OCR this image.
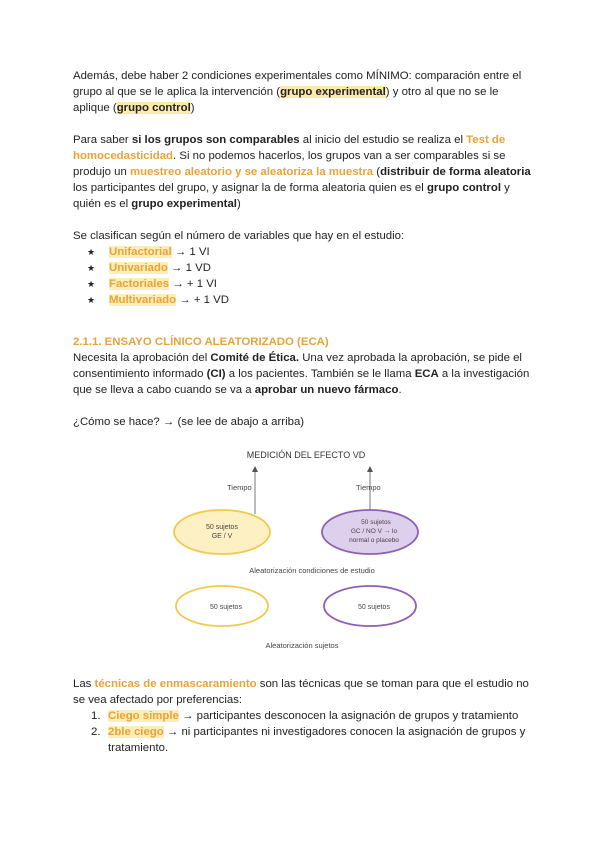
Además, debe haber 2 condiciones experimentales como MÍNIMO: comparación entre el grupo al que se le aplica la intervención (grupo experimental) y otro al que no se le aplique (grupo control)

Para saber si los grupos son comparables al inicio del estudio se realiza el Test de homocedasticidad. Si no podemos hacerlos, los grupos van a ser comparables si se produjo un muestreo aleatorio y se aleatoriza la muestra (distribuir de forma aleatoria los participantes del grupo, y asignar la de forma aleatoria quien es el grupo control y quién es el grupo experimental)

Se clasifican según el número de variables que hay en el estudio:

★ Unifactorial → 1 VI
★ Univariado → 1 VD
★ Factoriales → + 1 VI
★ Multivariado → + 1 VD

2.1.1. ENSAYO CLÍNICO ALEATORIZADO (ECA)

Necesita la aprobación del Comité de Ética. Una vez aprobada la aprobación, se pide el consentimiento informado (CI) a los pacientes. También se le llama ECA a la investigación que se lleva a cabo cuando se va a aprobar un nuevo fármaco.

¿Cómo se hace? → (se lee de abajo a arriba)

MEDICIÓN DEL EFECTO VD
Tiempo	Tiempo
50 sujetos
GE / V
50 sujetos
GC / NO V → lo
normal o placebo
Aleatorización condiciones de estudio
50 sujetos	50 sujetos
Aleatorización sujetos

Las técnicas de enmascaramiento son las técnicas que se toman para que el estudio no se vea afectado por preferencias:

1. Ciego simple → participantes desconocen la asignación de grupos y tratamiento
2. 2ble ciego → ni participantes ni investigadores conocen la asignación de grupos y tratamiento.
